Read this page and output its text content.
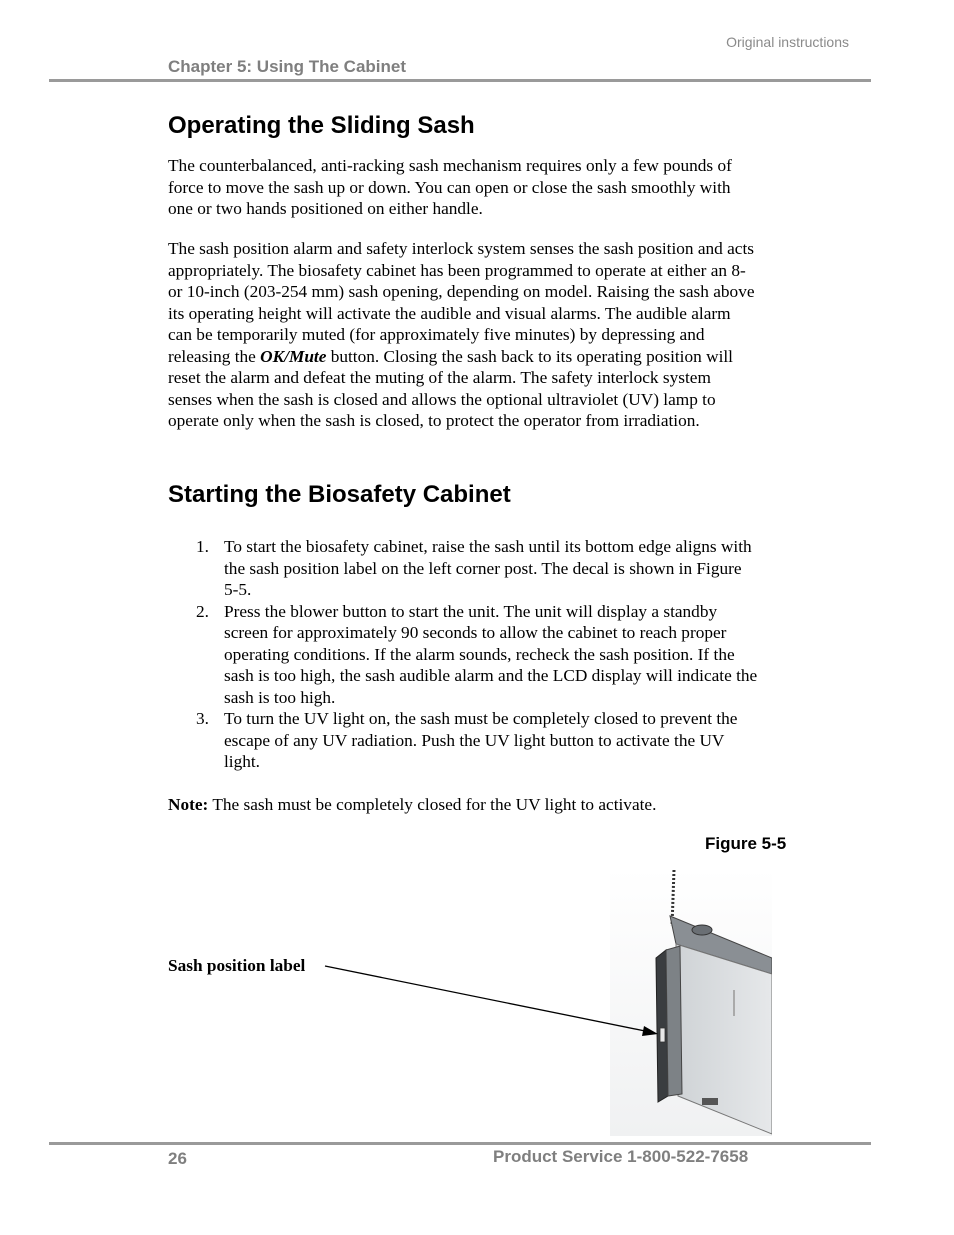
Original instructions
Chapter 5: Using The Cabinet
Operating the Sliding Sash

The counterbalanced, anti-racking sash mechanism requires only a few pounds of force to move the sash up or down. You can open or close the sash smoothly with one or two hands positioned on either handle.

The sash position alarm and safety interlock system senses the sash position and acts appropriately. The biosafety cabinet has been programmed to operate at either an 8- or 10-inch (203-254 mm) sash opening, depending on model. Raising the sash above its operating height will activate the audible and visual alarms. The audible alarm can be temporarily muted (for approximately five minutes) by depressing and releasing the OK/Mute button. Closing the sash back to its operating position will reset the alarm and defeat the muting of the alarm. The safety interlock system senses when the sash is closed and allows the optional ultraviolet (UV) lamp to operate only when the sash is closed, to protect the operator from irradiation.

Starting the Biosafety Cabinet
1. To start the biosafety cabinet, raise the sash until its bottom edge aligns with the sash position label on the left corner post. The decal is shown in Figure 5-5.
2. Press the blower button to start the unit. The unit will display a standby screen for approximately 90 seconds to allow the cabinet to reach proper operating conditions. If the alarm sounds, recheck the sash position. If the sash is too high, the sash audible alarm and the LCD display will indicate the sash is too high.
3. To turn the UV light on, the sash must be completely closed to prevent the escape of any UV radiation. Push the UV light button to activate the UV light.

Note: The sash must be completely closed for the UV light to activate.

Figure 5-5
Sash position label
26	Product Service 1-800-522-7658
